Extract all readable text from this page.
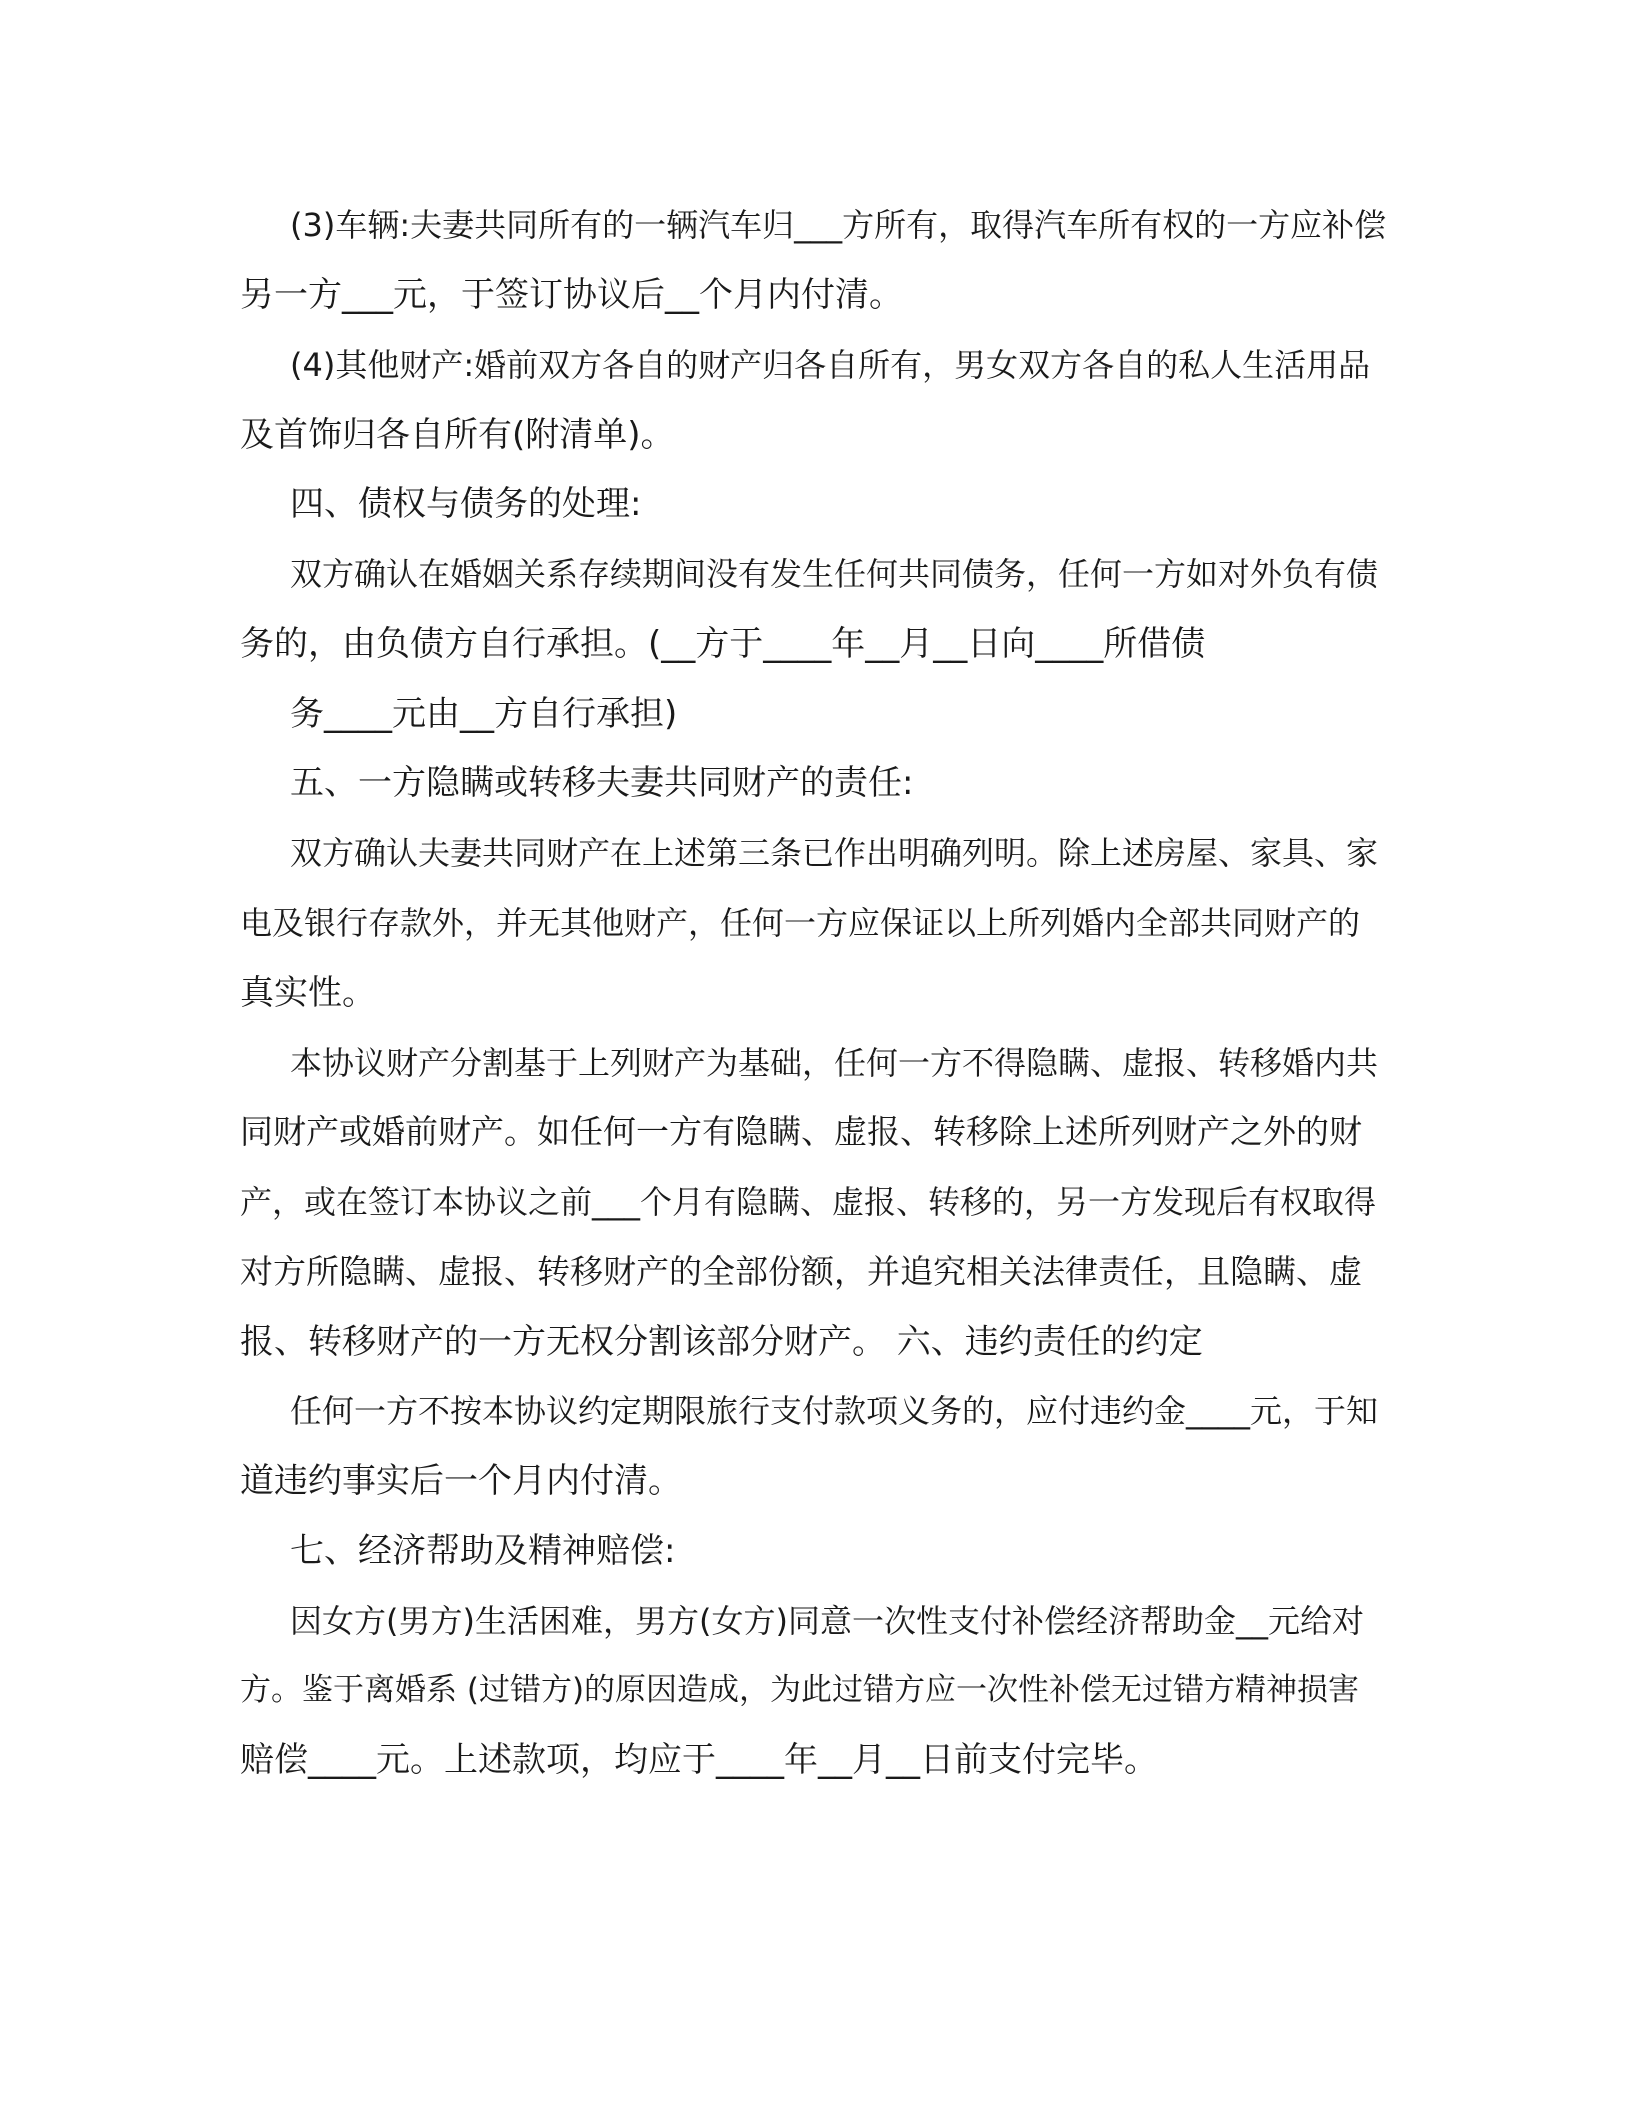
(3)车辆:夫妻共同所有的一辆汽车归___方所有，取得汽车所有权的一方应补偿

另一方___元，于签订协议后__个月内付清。

(4)其他财产:婚前双方各自的财产归各自所有，男女双方各自的私人生活用品

及首饰归各自所有(附清单)。

四、债权与债务的处理:

双方确认在婚姻关系存续期间没有发生任何共同债务，任何一方如对外负有债

务的，由负债方自行承担。(__方于____年__月__日向____所借债

务____元由__方自行承担)

五、一方隐瞒或转移夫妻共同财产的责任:

双方确认夫妻共同财产在上述第三条已作出明确列明。除上述房屋、家具、家

电及银行存款外，并无其他财产，任何一方应保证以上所列婚内全部共同财产的

真实性。

本协议财产分割基于上列财产为基础，任何一方不得隐瞒、虚报、转移婚内共

同财产或婚前财产。如任何一方有隐瞒、虚报、转移除上述所列财产之外的财

产，或在签订本协议之前___个月有隐瞒、虚报、转移的，另一方发现后有权取得

对方所隐瞒、虚报、转移财产的全部份额，并追究相关法律责任，且隐瞒、虚

报、转移财产的一方无权分割该部分财产。 六、违约责任的约定

任何一方不按本协议约定期限旅行支付款项义务的，应付违约金____元，于知

道违约事实后一个月内付清。

七、经济帮助及精神赔偿:

因女方(男方)生活困难，男方(女方)同意一次性支付补偿经济帮助金__元给对

方。鉴于离婚系 (过错方)的原因造成，为此过错方应一次性补偿无过错方精神损害

赔偿____元。上述款项，均应于____年__月__日前支付完毕。
